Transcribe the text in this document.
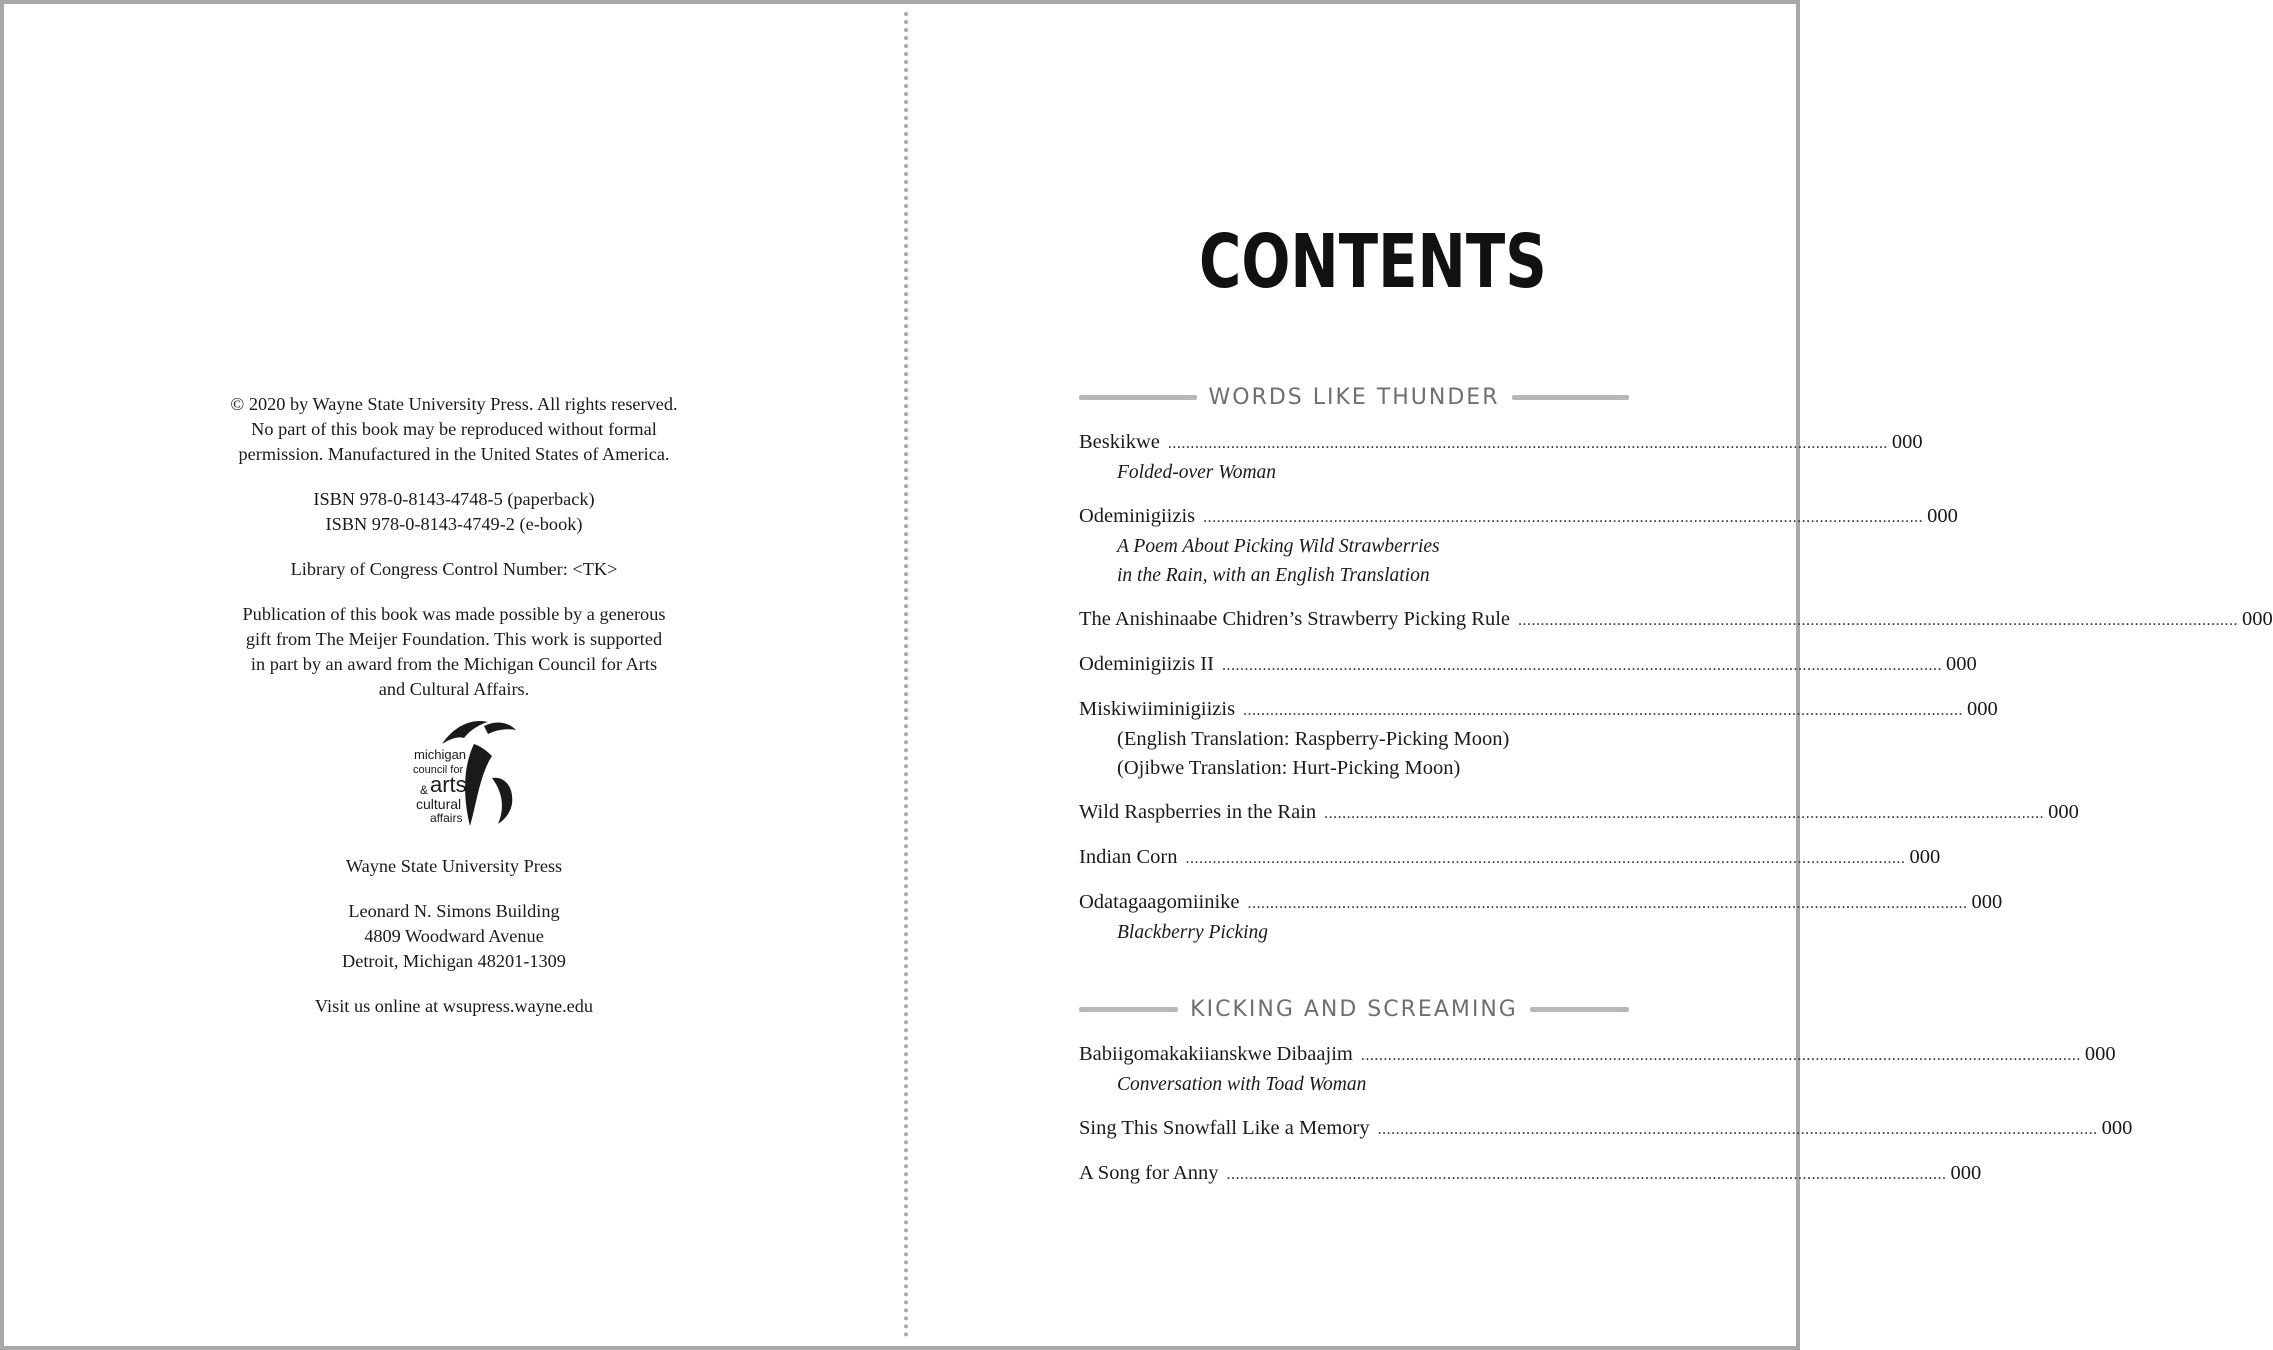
© 2020 by Wayne State University Press. All rights reserved.
No part of this book may be reproduced without formal
permission. Manufactured in the United States of America.

ISBN 978-0-8143-4748-5 (paperback)
ISBN 978-0-8143-4749-2 (e-book)

Library of Congress Control Number: <TK>

Publication of this book was made possible by a generous
gift from The Meijer Foundation. This work is supported
in part by an award from the Michigan Council for Arts
and Cultural Affairs.

michigan
council for
& arts
cultural
affairs

Wayne State University Press

Leonard N. Simons Building
4809 Woodward Avenue
Detroit, Michigan 48201-1309

Visit us online at wsupress.wayne.edu

CONTENTS
WORDS LIKE THUNDER
Beskikwe ................................................................................................................................................................ 000
Folded-over Woman
Odeminigiizis ................................................................................................................................................................ 000
A Poem About Picking Wild Strawberries
in the Rain, with an English Translation
The Anishinaabe Chidren’s Strawberry Picking Rule ................................................................................................................................................................ 000
Odeminigiizis II ................................................................................................................................................................ 000
Miskiwiiminigiizis ................................................................................................................................................................ 000
(English Translation: Raspberry-Picking Moon)
(Ojibwe Translation: Hurt-Picking Moon)
Wild Raspberries in the Rain ................................................................................................................................................................ 000
Indian Corn ................................................................................................................................................................ 000
Odatagaagomiinike ................................................................................................................................................................ 000
Blackberry Picking
KICKING AND SCREAMING
Babiigomakakiianskwe Dibaajim ................................................................................................................................................................ 000
Conversation with Toad Woman
Sing This Snowfall Like a Memory ................................................................................................................................................................ 000
A Song for Anny ................................................................................................................................................................ 000
